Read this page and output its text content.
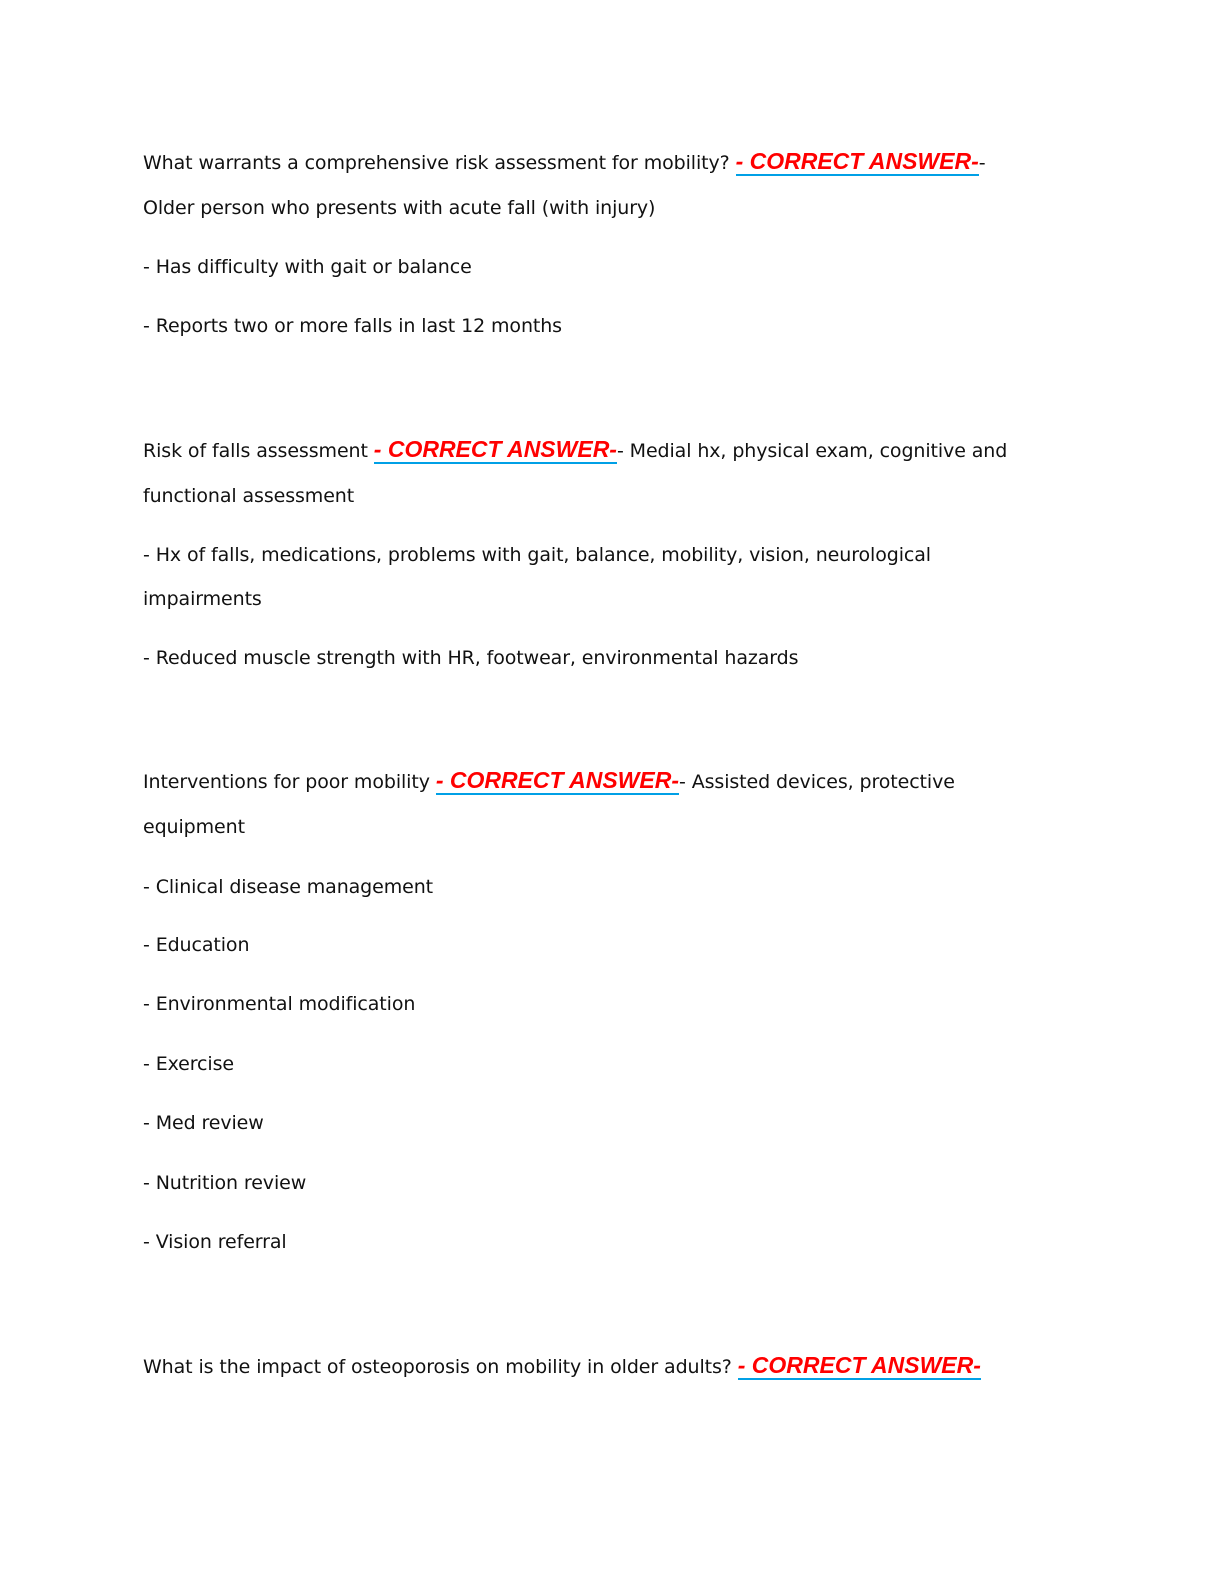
What warrants a comprehensive risk assessment for mobility? - CORRECT ANSWER--
Older person who presents with acute fall (with injury)
- Has difficulty with gait or balance
- Reports two or more falls in last 12 months
Risk of falls assessment - CORRECT ANSWER-- Medial hx, physical exam, cognitive and
functional assessment
- Hx of falls, medications, problems with gait, balance, mobility, vision, neurological
impairments
- Reduced muscle strength with HR, footwear, environmental hazards
Interventions for poor mobility - CORRECT ANSWER-- Assisted devices, protective
equipment
- Clinical disease management
- Education
- Environmental modification
- Exercise
- Med review
- Nutrition review
- Vision referral
What is the impact of osteoporosis on mobility in older adults? - CORRECT ANSWER-
